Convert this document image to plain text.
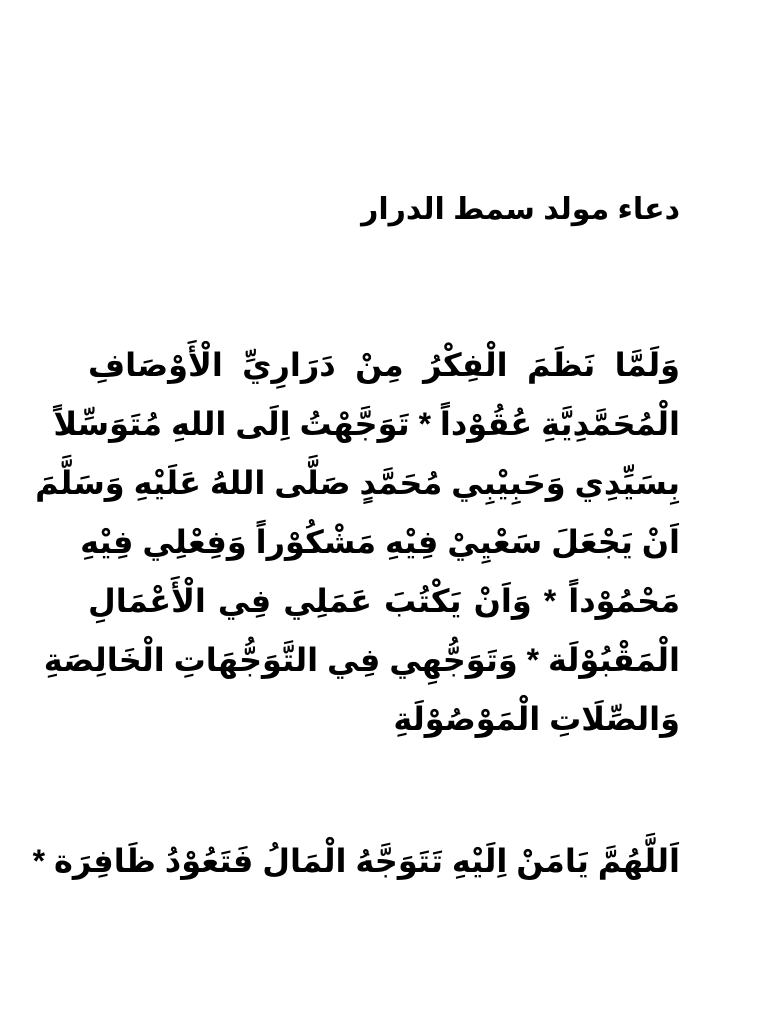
دعاء مولد سمط الدرار
وَلَمَّا نَظَمَ الْفِكْرُ مِنْ دَرَارِيِّ الْأَوْصَافِ
الْمُحَمَّدِيَّةِ عُقُوْداً * تَوَجَّهْتُ اِلَى اللهِ مُتَوَسِّلاً
بِسَيِّدِي وَحَبِيْبِي مُحَمَّدٍ صَلَّى اللهُ عَلَيْهِ وَسَلَّمَ
اَنْ يَجْعَلَ سَعْيِيْ فِيْهِ مَشْكُوْراً وَفِعْلِي فِيْهِ
مَحْمُوْداً * وَاَنْ يَكْتُبَ عَمَلِي فِي الْأَعْمَالِ
الْمَقْبُوْلَة * وَتَوَجُّهِي فِي التَّوَجُّهَاتِ الْخَالِصَةِ
وَالصِّلَاتِ الْمَوْصُوْلَةِ

اَللَّهُمَّ يَامَنْ اِلَيْهِ تَتَوَجَّهُ الْمَالُ فَتَعُوْدُ ظَافِرَة *
